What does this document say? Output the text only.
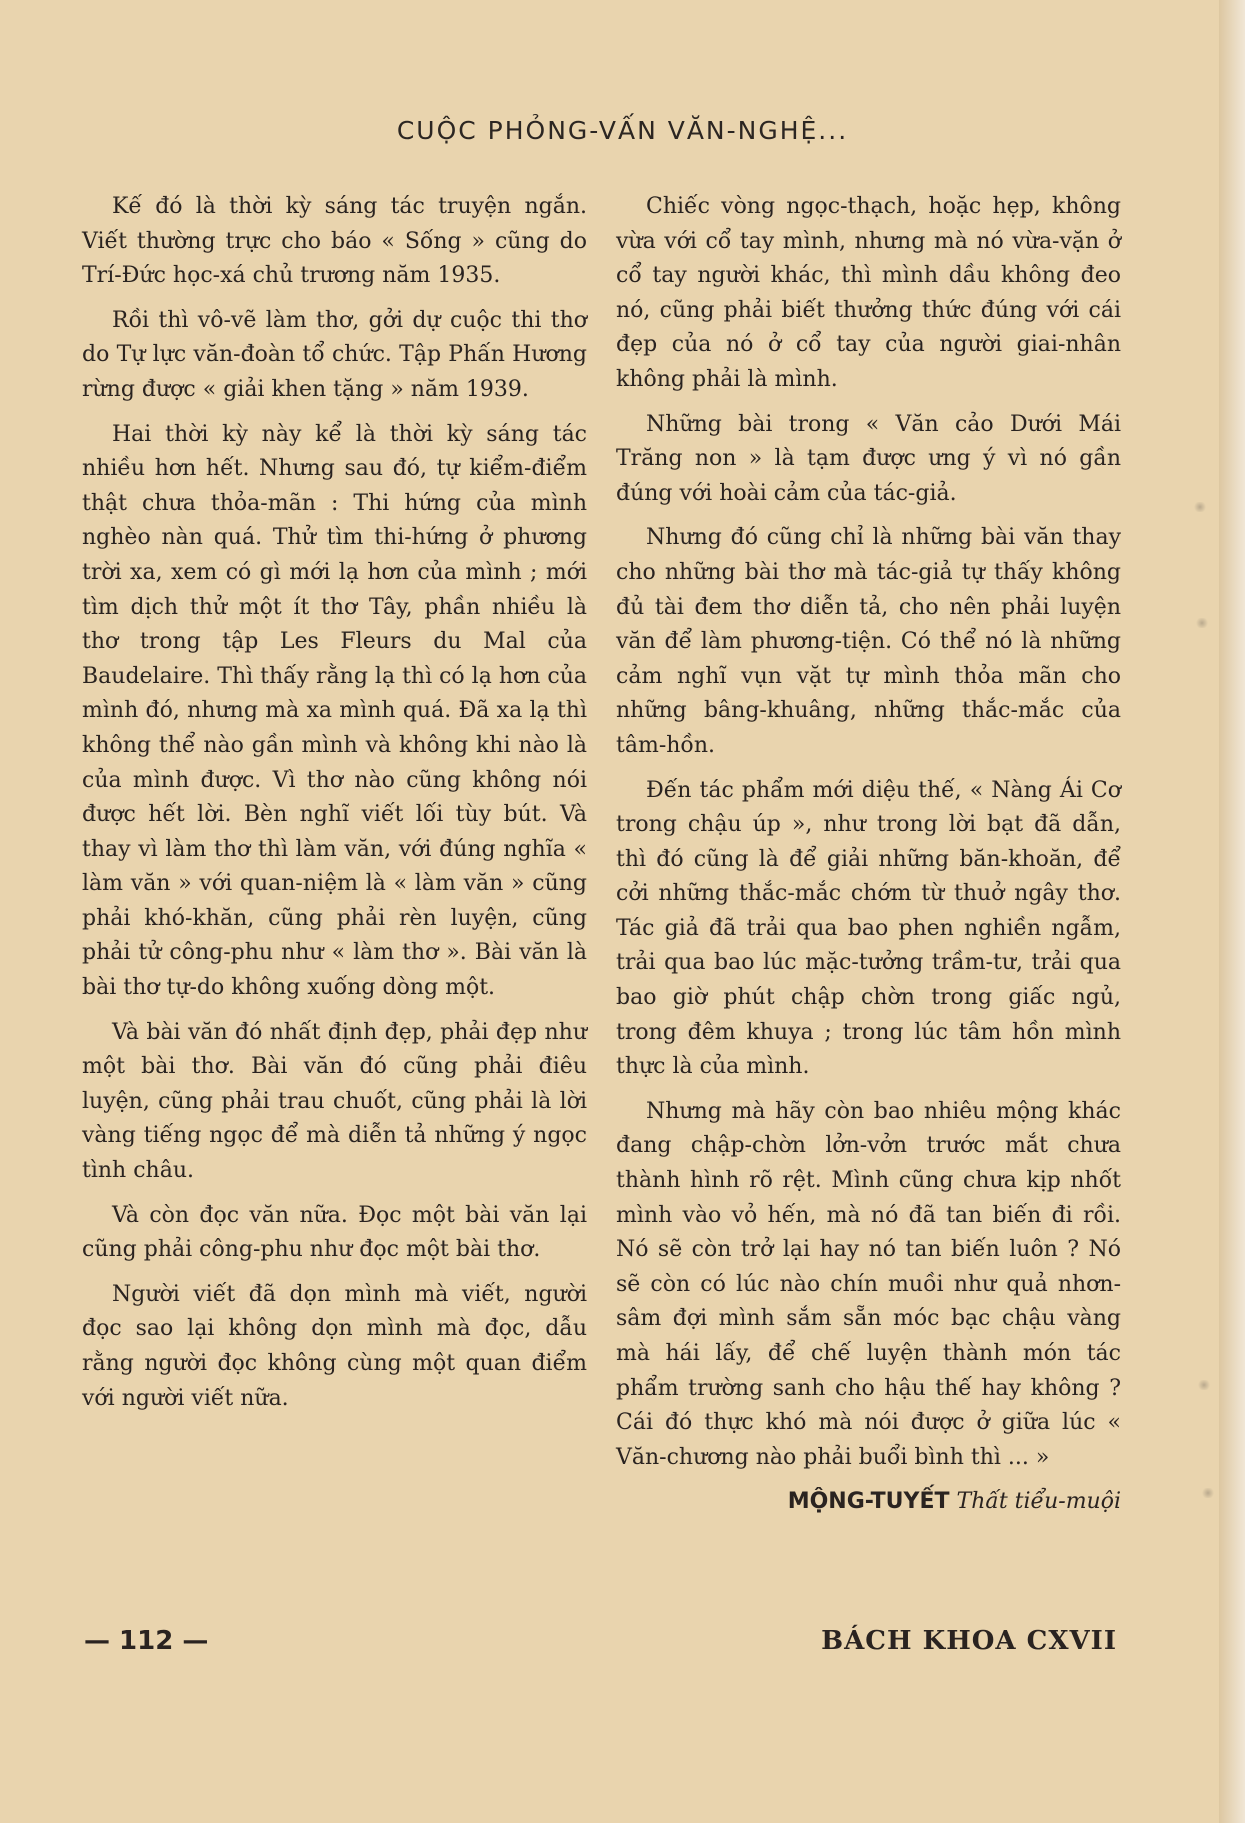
CUỘC PHỎNG-VẤN VĂN-NGHỆ...

Kế đó là thời kỳ sáng tác truyện ngắn. Viết thường trực cho báo « Sống » cũng do Trí-Đức học-xá chủ trương năm 1935.

Rồi thì vô-vẽ làm thơ, gởi dự cuộc thi thơ do Tự lực văn-đoàn tổ chức. Tập Phấn Hương rừng được « giải khen tặng » năm 1939.

Hai thời kỳ này kể là thời kỳ sáng tác nhiều hơn hết. Nhưng sau đó, tự kiểm-điểm thật chưa thỏa-mãn : Thi hứng của mình nghèo nàn quá. Thử tìm thi-hứng ở phương trời xa, xem có gì mới lạ hơn của mình ; mới tìm dịch thử một ít thơ Tây, phần nhiều là thơ trong tập Les Fleurs du Mal của Baudelaire. Thì thấy rằng lạ thì có lạ hơn của mình đó, nhưng mà xa mình quá. Đã xa lạ thì không thể nào gần mình và không khi nào là của mình được. Vì thơ nào cũng không nói được hết lời. Bèn nghĩ viết lối tùy bút. Và thay vì làm thơ thì làm văn, với đúng nghĩa « làm văn » với quan-niệm là « làm văn » cũng phải khó-khăn, cũng phải rèn luyện, cũng phải tử công-phu như « làm thơ ». Bài văn là bài thơ tự-do không xuống dòng một.

Và bài văn đó nhất định đẹp, phải đẹp như một bài thơ. Bài văn đó cũng phải điêu luyện, cũng phải trau chuốt, cũng phải là lời vàng tiếng ngọc để mà diễn tả những ý ngọc tình châu.

Và còn đọc văn nữa. Đọc một bài văn lại cũng phải công-phu như đọc một bài thơ.

Người viết đã dọn mình mà viết, người đọc sao lại không dọn mình mà đọc, dẫu rằng người đọc không cùng một quan điểm với người viết nữa.

Chiếc vòng ngọc-thạch, hoặc hẹp, không vừa với cổ tay mình, nhưng mà nó vừa-vặn ở cổ tay người khác, thì mình dầu không đeo nó, cũng phải biết thưởng thức đúng với cái đẹp của nó ở cổ tay của người giai-nhân không phải là mình.

Những bài trong « Văn cảo Dưới Mái Trăng non » là tạm được ưng ý vì nó gần đúng với hoài cảm của tác-giả.

Nhưng đó cũng chỉ là những bài văn thay cho những bài thơ mà tác-giả tự thấy không đủ tài đem thơ diễn tả, cho nên phải luyện văn để làm phương-tiện. Có thể nó là những cảm nghĩ vụn vặt tự mình thỏa mãn cho những bâng-khuâng, những thắc-mắc của tâm-hồn.

Đến tác phẩm mới diệu thế, « Nàng Ái Cơ trong chậu úp », như trong lời bạt đã dẫn, thì đó cũng là để giải những băn-khoăn, để cởi những thắc-mắc chớm từ thuở ngây thơ. Tác giả đã trải qua bao phen nghiền ngẫm, trải qua bao lúc mặc-tưởng trầm-tư, trải qua bao giờ phút chập chờn trong giấc ngủ, trong đêm khuya ; trong lúc tâm hồn mình thực là của mình.

Nhưng mà hãy còn bao nhiêu mộng khác đang chập-chờn lởn-vởn trước mắt chưa thành hình rõ rệt. Mình cũng chưa kịp nhốt mình vào vỏ hến, mà nó đã tan biến đi rồi. Nó sẽ còn trở lại hay nó tan biến luôn ? Nó sẽ còn có lúc nào chín muồi như quả nhơn-sâm đợi mình sắm sẵn móc bạc chậu vàng mà hái lấy, để chế luyện thành món tác phẩm trường sanh cho hậu thế hay không ? Cái đó thực khó mà nói được ở giữa lúc « Văn-chương nào phải buổi bình thì ... »

MỘNG-TUYẾT Thất tiểu-muội
— 112 —	BÁCH KHOA CXVII
